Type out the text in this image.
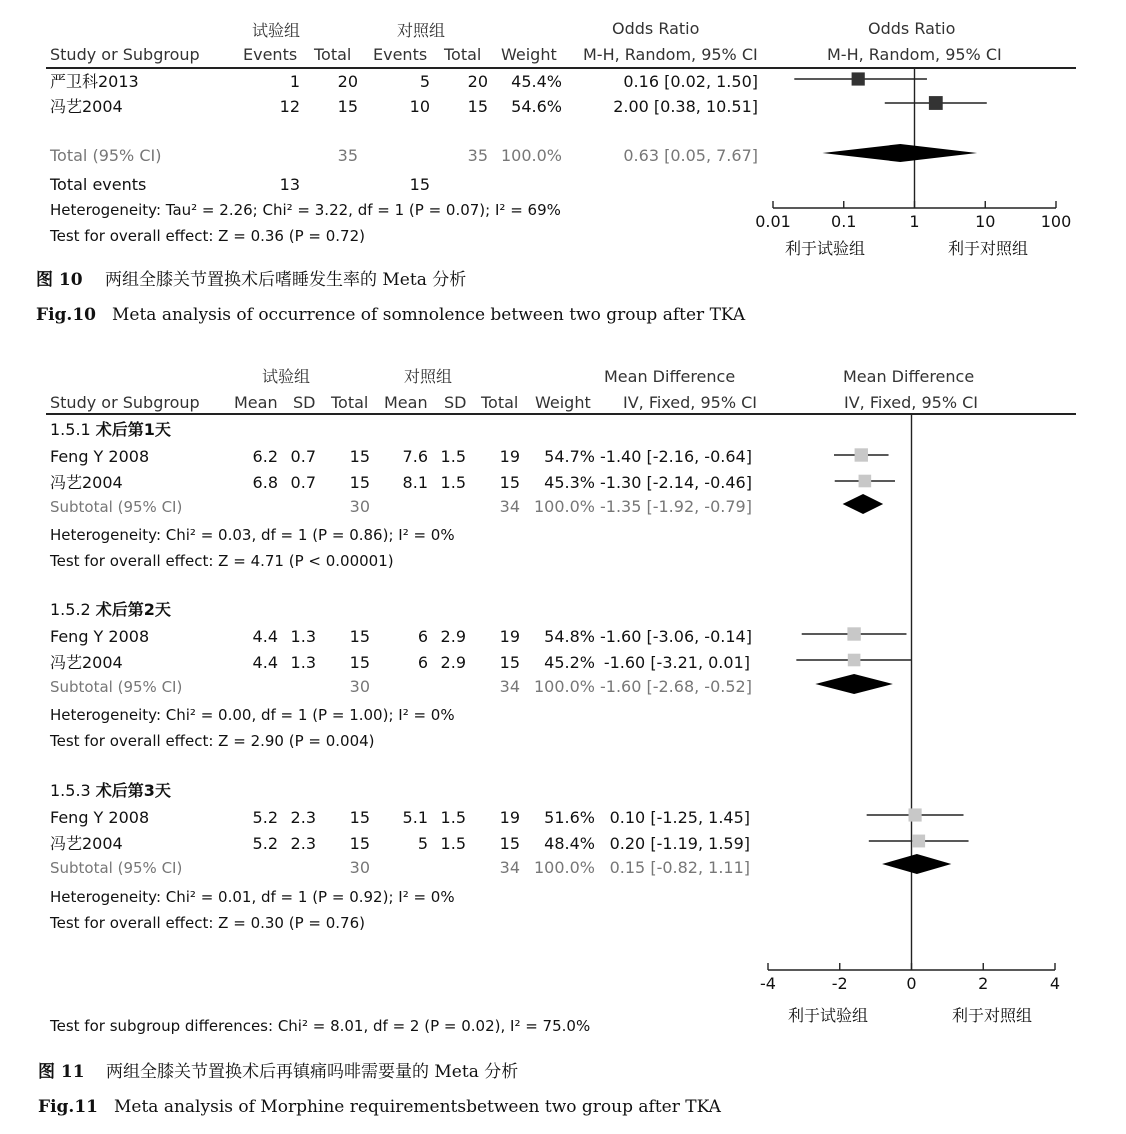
试验组	对照组	Odds Ratio	Odds Ratio
Study or Subgroup	Events Total Events Total Weight M-H, Random, 95% CI	M-H, Random, 95% CI
严卫科2013	1	20	5	20	45.4%	0.16 [0.02, 1.50]
冯艺2004	12	15	10	15	54.6%	2.00 [0.38, 10.51]
Total (95% CI)	35	35 100.0%	0.63 [0.05, 7.67]
Total events	13	15
Heterogeneity: Tau² = 2.26; Chi² = 3.22, df = 1 (P = 0.07); I² = 69%
Test for overall effect: Z = 0.36 (P = 0.72)
利于试验组	利于对照组
图 10 两组全膝关节置换术后嗜睡发生率的 Meta 分析
Fig.10 Meta analysis of occurrence of somnolence between two group after TKA
0.01	0.1	1	10	100
试验组	对照组	Mean Difference	Mean Difference
Study or Subgroup Mean SD Total Mean SD Total Weight IV, Fixed, 95% CI	IV, Fixed, 95% CI
1.5.1 术后第1天
Feng Y 2008	6.2 0.7	15	7.6 1.5	19	54.7% -1.40 [-2.16, -0.64]
冯艺2004	6.8 0.7	15	8.1 1.5	15	45.3% -1.30 [-2.14, -0.46]
Subtotal (95% CI)	30	34 100.0% -1.35 [-1.92, -0.79]
Heterogeneity: Chi² = 0.03, df = 1 (P = 0.86); I² = 0%
Test for overall effect: Z = 4.71 (P < 0.00001)
1.5.2 术后第2天
Feng Y 2008	4.4 1.3	15	6 2.9	19	54.8% -1.60 [-3.06, -0.14]
冯艺2004	4.4 1.3	15	6 2.9	15	45.2% -1.60 [-3.21, 0.01]
Subtotal (95% CI)	30	34 100.0% -1.60 [-2.68, -0.52]
Heterogeneity: Chi² = 0.00, df = 1 (P = 1.00); I² = 0%
Test for overall effect: Z = 2.90 (P = 0.004)
1.5.3 术后第3天
Feng Y 2008	5.2 2.3	15	5.1 1.5	19	51.6% 0.10 [-1.25, 1.45]
冯艺2004	5.2 2.3	15	5 1.5	15	48.4% 0.20 [-1.19, 1.59]
Subtotal (95% CI)	30	34 100.0% 0.15 [-0.82, 1.11]
Heterogeneity: Chi² = 0.01, df = 1 (P = 0.92); I² = 0%
Test for overall effect: Z = 0.30 (P = 0.76)
Test for subgroup differences: Chi² = 8.01, df = 2 (P = 0.02), I² = 75.0%
利于试验组	利于对照组
图 11 两组全膝关节置换术后再镇痛吗啡需要量的 Meta 分析
Fig.11 Meta analysis of Morphine requirementsbetween two group after TKA
-4	-2	0	2	4
